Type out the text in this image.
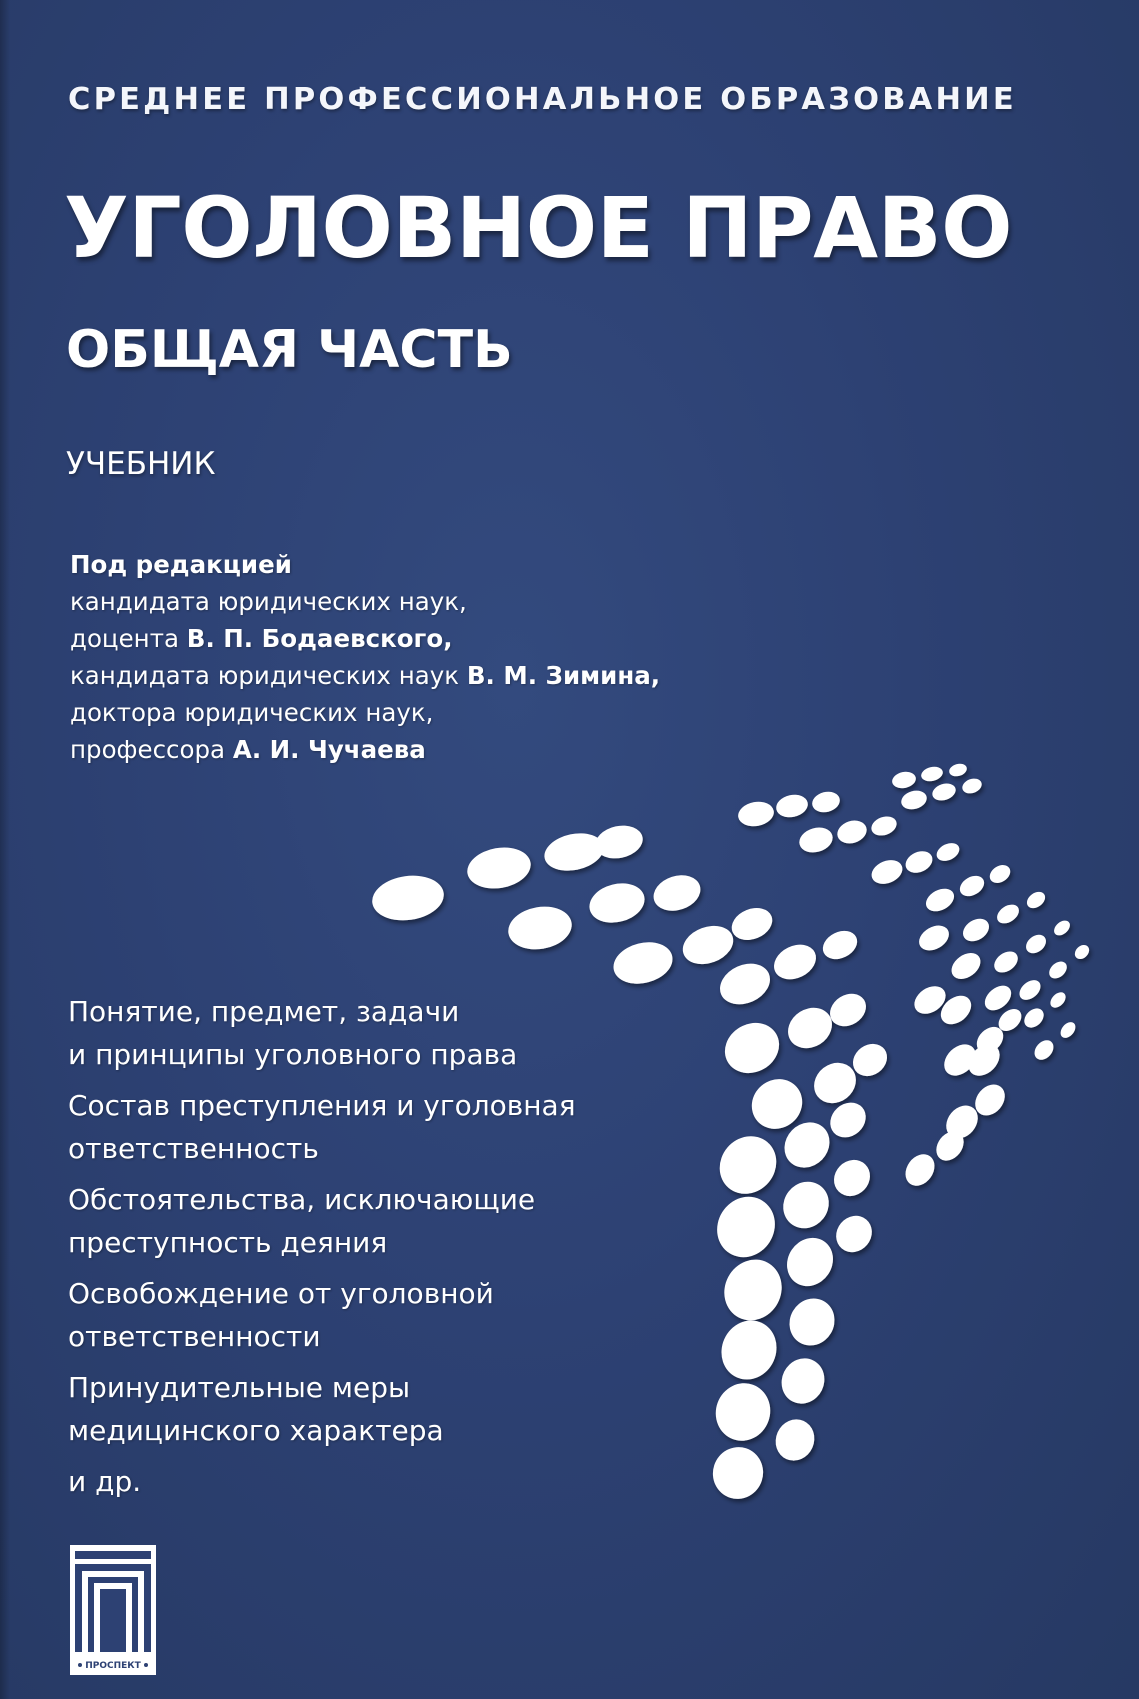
СРЕДНЕЕ ПРОФЕССИОНАЛЬНОЕ ОБРАЗОВАНИЕ
УГОЛОВНОЕ ПРАВО
ОБЩАЯ ЧАСТЬ
УЧЕБНИК
Под редакцией
кандидата юридических наук,
доцента В. П. Бодаевского,
кандидата юридических наук В. М. Зимина,
доктора юридических наук,
профессора А. И. Чучаева
Понятие, предмет, задачи
и принципы уголовного права
Состав преступления и уголовная
ответственность
Обстоятельства, исключающие
преступность деяния
Освобождение от уголовной
ответственности
Принудительные меры
медицинского характера
и др.
ПРОСПЕКТ
